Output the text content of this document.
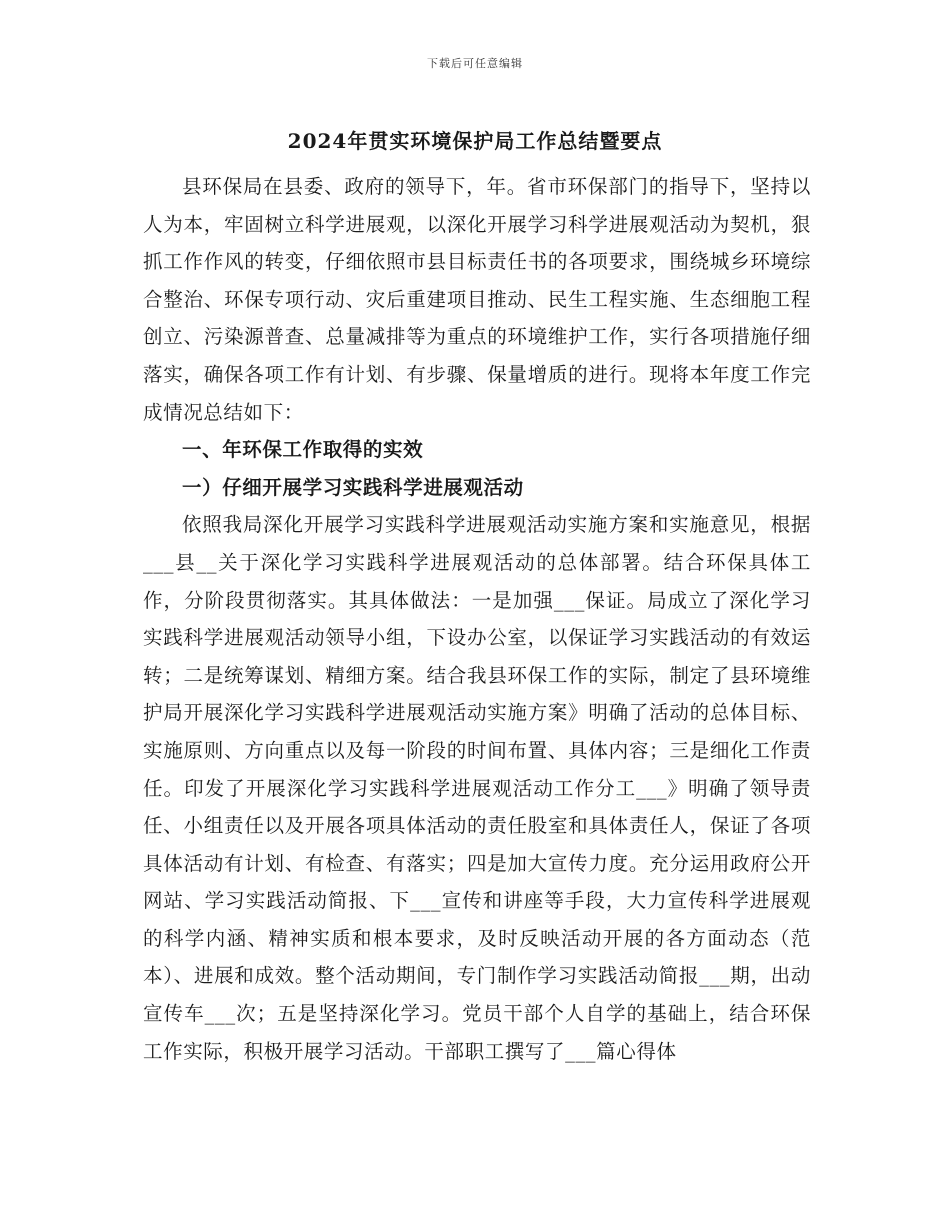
下载后可任意编辑
2024年贯实环境保护局工作总结暨要点

县环保局在县委、政府的领导下，年。省市环保部门的指导下，坚持以人为本，牢固树立科学进展观，以深化开展学习科学进展观活动为契机，狠抓工作作风的转变，仔细依照市县目标责任书的各项要求，围绕城乡环境综合整治、环保专项行动、灾后重建项目推动、民生工程实施、生态细胞工程创立、污染源普查、总量减排等为重点的环境维护工作，实行各项措施仔细落实，确保各项工作有计划、有步骤、保量增质的进行。现将本年度工作完成情况总结如下：

一、年环保工作取得的实效

一）仔细开展学习实践科学进展观活动

依照我局深化开展学习实践科学进展观活动实施方案和实施意见，根据___县__关于深化学习实践科学进展观活动的总体部署。结合环保具体工作，分阶段贯彻落实。其具体做法：一是加强___保证。局成立了深化学习实践科学进展观活动领导小组，下设办公室，以保证学习实践活动的有效运转；二是统筹谋划、精细方案。结合我县环保工作的实际，制定了县环境维护局开展深化学习实践科学进展观活动实施方案》明确了活动的总体目标、实施原则、方向重点以及每一阶段的时间布置、具体内容；三是细化工作责任。印发了开展深化学习实践科学进展观活动工作分工___》明确了领导责任、小组责任以及开展各项具体活动的责任股室和具体责任人，保证了各项具体活动有计划、有检查、有落实；四是加大宣传力度。充分运用政府公开网站、学习实践活动简报、下___宣传和讲座等手段，大力宣传科学进展观的科学内涵、精神实质和根本要求，及时反映活动开展的各方面动态（范本）、进展和成效。整个活动期间，专门制作学习实践活动简报___期，出动宣传车___次；五是坚持深化学习。党员干部个人自学的基础上，结合环保工作实际，积极开展学习活动。干部职工撰写了___篇心得体
